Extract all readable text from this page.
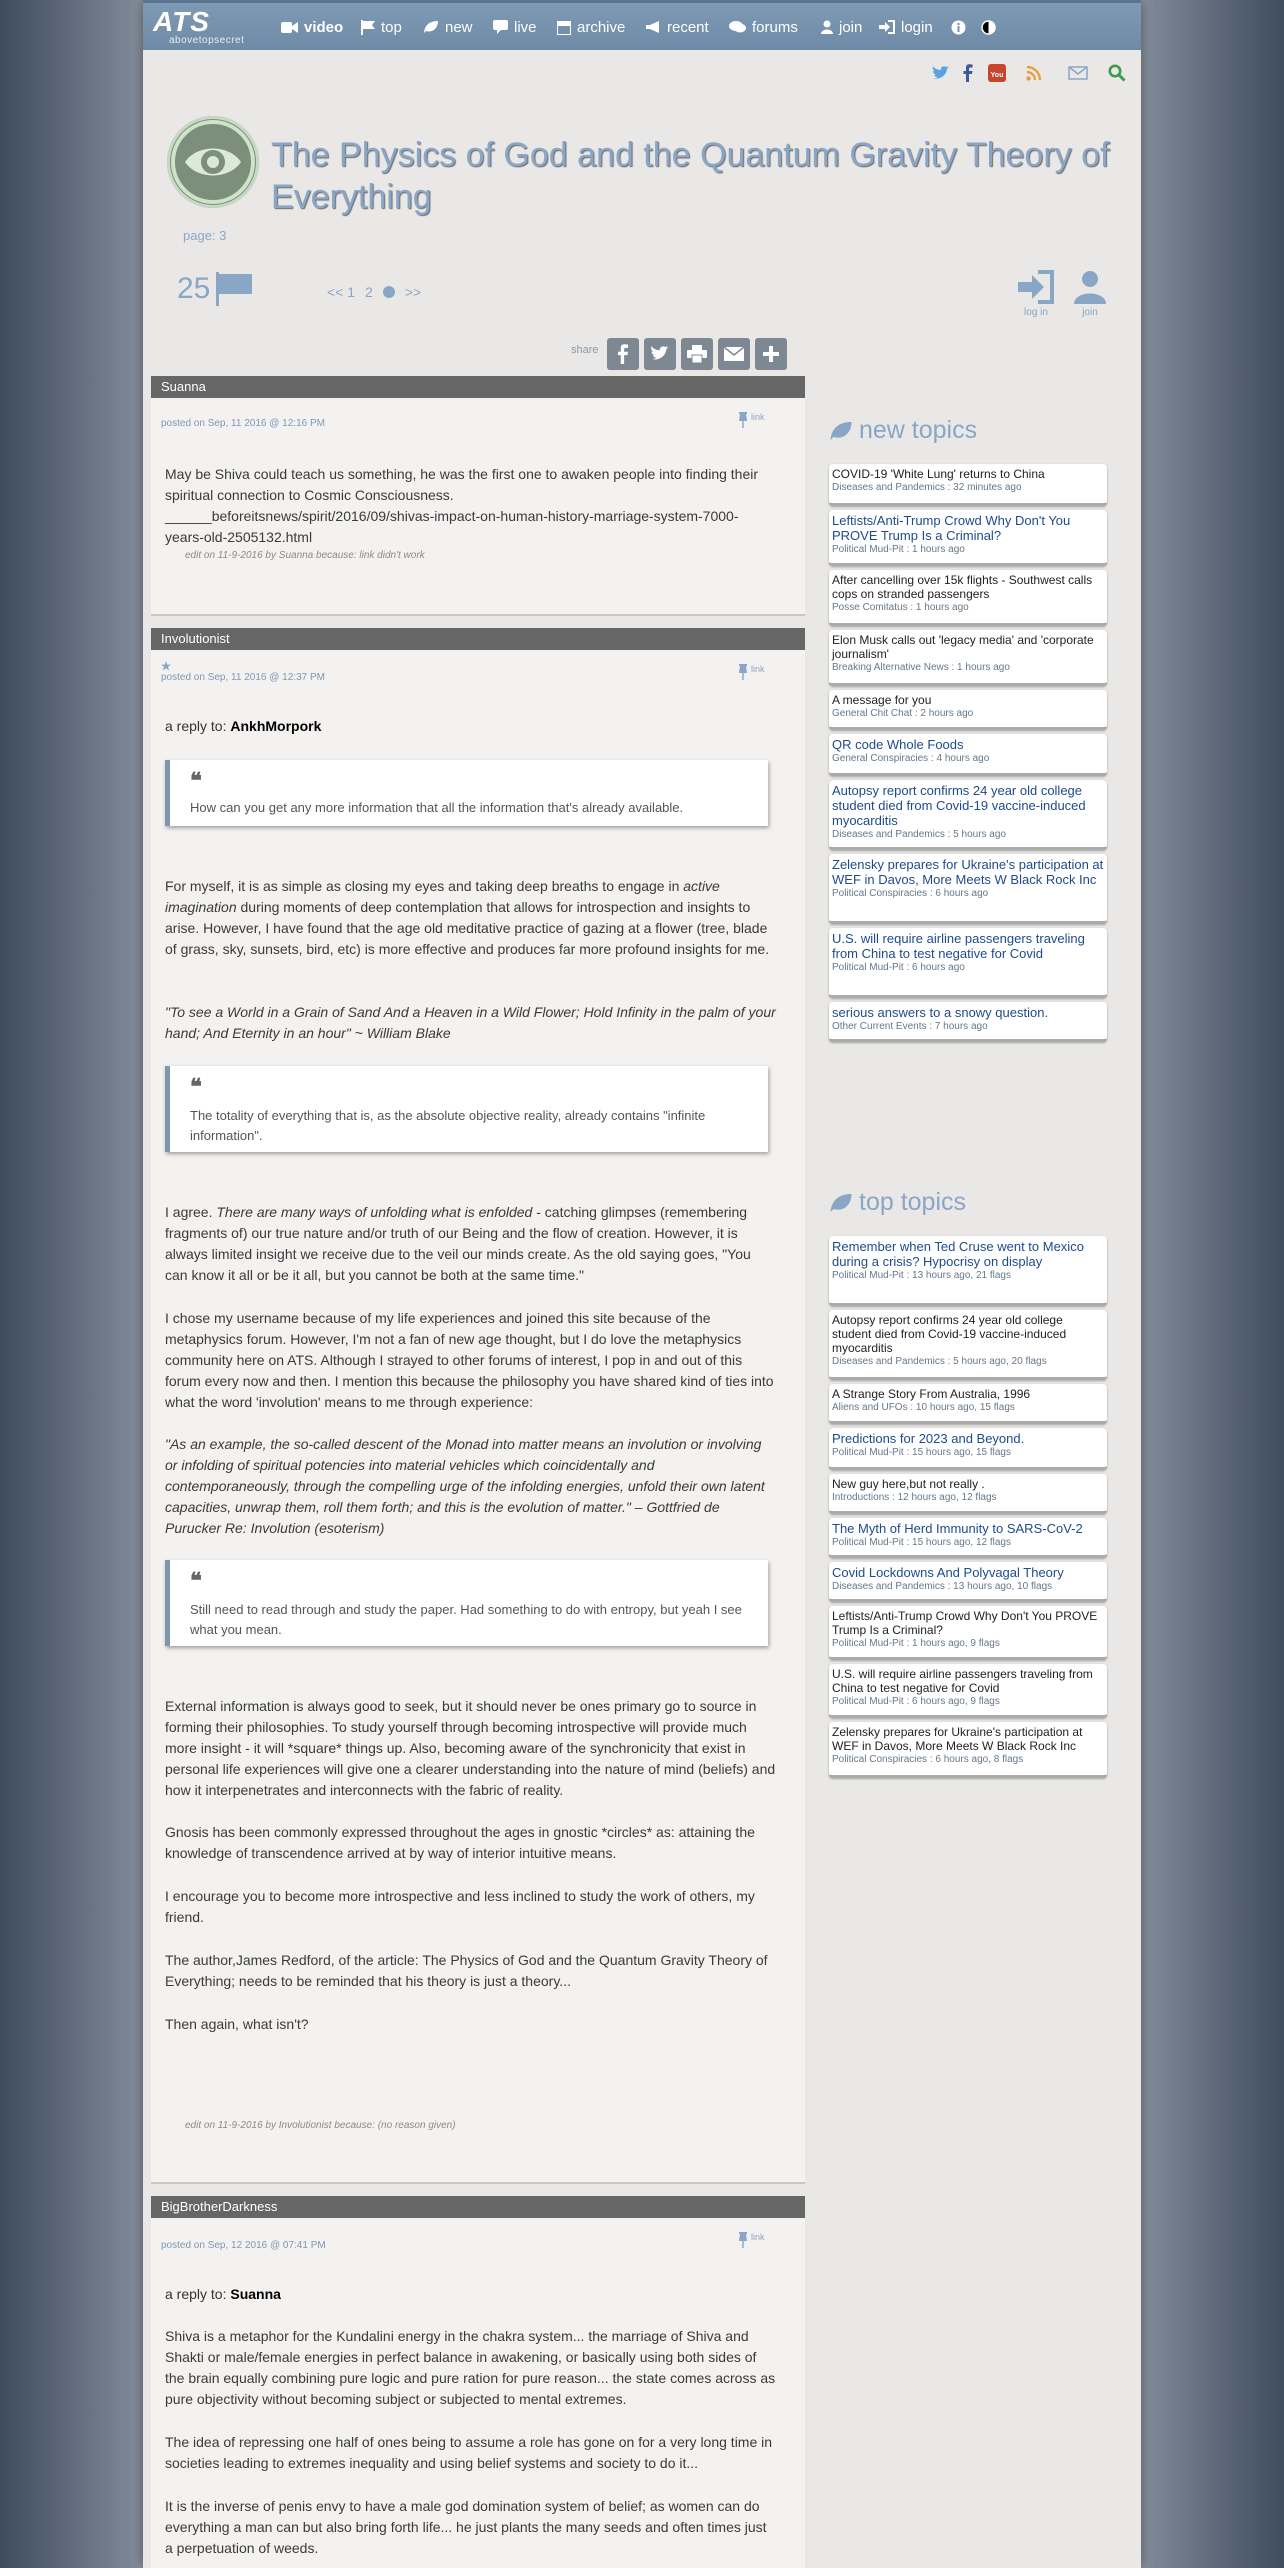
ATS
abovetopsecret
video	top	new	live	archive	recent	forums	join	login
You
The Physics of God and the Quantum Gravity Theory of Everything
page: 3
25	<< 1 2 >>
log in	join
share
Suanna
posted on Sep, 11 2016 @ 12:16 PM
link
May be Shiva could teach us something, he was the first one to awaken people into finding their spiritual connection to Cosmic Consciousness.
______beforeitsnews/spirit/2016/09/shivas-impact-on-human-history-marriage-system-7000-years-old-2505132.html
edit on 11-9-2016 by Suanna because: link didn't work
Involutionist
posted on Sep, 11 2016 @ 12:37 PM
link
a reply to: AnkhMorpork
❝
How can you get any more information that all the information that's already available.
For myself, it is as simple as closing my eyes and taking deep breaths to engage in active imagination during moments of deep contemplation that allows for introspection and insights to arise. However, I have found that the age old meditative practice of gazing at a flower (tree, blade of grass, sky, sunsets, bird, etc) is more effective and produces far more profound insights for me.
"To see a World in a Grain of Sand And a Heaven in a Wild Flower; Hold Infinity in the palm of your hand; And Eternity in an hour" ~ William Blake
❝
The totality of everything that is, as the absolute objective reality, already contains "infinite information".
I agree. There are many ways of unfolding what is enfolded - catching glimpses (remembering fragments of) our true nature and/or truth of our Being and the flow of creation. However, it is always limited insight we receive due to the veil our minds create. As the old saying goes, "You can know it all or be it all, but you cannot be both at the same time."
I chose my username because of my life experiences and joined this site because of the metaphysics forum. However, I'm not a fan of new age thought, but I do love the metaphysics community here on ATS. Although I strayed to other forums of interest, I pop in and out of this forum every now and then. I mention this because the philosophy you have shared kind of ties into what the word 'involution' means to me through experience:
"As an example, the so-called descent of the Monad into matter means an involution or involving or infolding of spiritual potencies into material vehicles which coincidentally and contemporaneously, through the compelling urge of the infolding energies, unfold their own latent capacities, unwrap them, roll them forth; and this is the evolution of matter." – Gottfried de Purucker Re: Involution (esoterism)
❝
Still need to read through and study the paper. Had something to do with entropy, but yeah I see what you mean.
External information is always good to seek, but it should never be ones primary go to source in forming their philosophies. To study yourself through becoming introspective will provide much more insight - it will *square* things up. Also, becoming aware of the synchronicity that exist in personal life experiences will give one a clearer understanding into the nature of mind (beliefs) and how it interpenetrates and interconnects with the fabric of reality.
Gnosis has been commonly expressed throughout the ages in gnostic *circles* as: attaining the knowledge of transcendence arrived at by way of interior intuitive means.
I encourage you to become more introspective and less inclined to study the work of others, my friend.
The author,James Redford, of the article: The Physics of God and the Quantum Gravity Theory of Everything; needs to be reminded that his theory is just a theory...
Then again, what isn't?
edit on 11-9-2016 by Involutionist because: (no reason given)
BigBrotherDarkness
posted on Sep, 12 2016 @ 07:41 PM
link
a reply to: Suanna
Shiva is a metaphor for the Kundalini energy in the chakra system... the marriage of Shiva and Shakti or male/female energies in perfect balance in awakening, or basically using both sides of the brain equally combining pure logic and pure ration for pure reason... the state comes across as pure objectivity without becoming subject or subjected to mental extremes.
The idea of repressing one half of ones being to assume a role has gone on for a very long time in societies leading to extremes inequality and using belief systems and society to do it...
It is the inverse of penis envy to have a male god domination system of belief; as women can do everything a man can but also bring forth life... he just plants the many seeds and often times just a perpetuation of weeds.
new topics
COVID-19 'White Lung' returns to China
Diseases and Pandemics : 32 minutes ago
Leftists/Anti-Trump Crowd Why Don't You PROVE Trump Is a Criminal?
Political Mud-Pit : 1 hours ago
After cancelling over 15k flights - Southwest calls cops on stranded passengers
Posse Comitatus : 1 hours ago
Elon Musk calls out 'legacy media' and 'corporate journalism'
Breaking Alternative News : 1 hours ago
A message for you
General Chit Chat : 2 hours ago
QR code Whole Foods
General Conspiracies : 4 hours ago
Autopsy report confirms 24 year old college student died from Covid-19 vaccine-induced myocarditis
Diseases and Pandemics : 5 hours ago
Zelensky prepares for Ukraine's participation at WEF in Davos, More Meets W Black Rock Inc
Political Conspiracies : 6 hours ago
U.S. will require airline passengers traveling from China to test negative for Covid
Political Mud-Pit : 6 hours ago
serious answers to a snowy question.
Other Current Events : 7 hours ago
top topics
Remember when Ted Cruse went to Mexico during a crisis? Hypocrisy on display
Political Mud-Pit : 13 hours ago, 21 flags
Autopsy report confirms 24 year old college student died from Covid-19 vaccine-induced myocarditis
Diseases and Pandemics : 5 hours ago, 20 flags
A Strange Story From Australia, 1996
Aliens and UFOs : 10 hours ago, 15 flags
Predictions for 2023 and Beyond.
Political Mud-Pit : 15 hours ago, 15 flags
New guy here,but not really .
Introductions : 12 hours ago, 12 flags
The Myth of Herd Immunity to SARS-CoV-2
Political Mud-Pit : 15 hours ago, 12 flags
Covid Lockdowns And Polyvagal Theory
Diseases and Pandemics : 13 hours ago, 10 flags
Leftists/Anti-Trump Crowd Why Don't You PROVE Trump Is a Criminal?
Political Mud-Pit : 1 hours ago, 9 flags
U.S. will require airline passengers traveling from China to test negative for Covid
Political Mud-Pit : 6 hours ago, 9 flags
Zelensky prepares for Ukraine's participation at WEF in Davos, More Meets W Black Rock Inc
Political Conspiracies : 6 hours ago, 8 flags
